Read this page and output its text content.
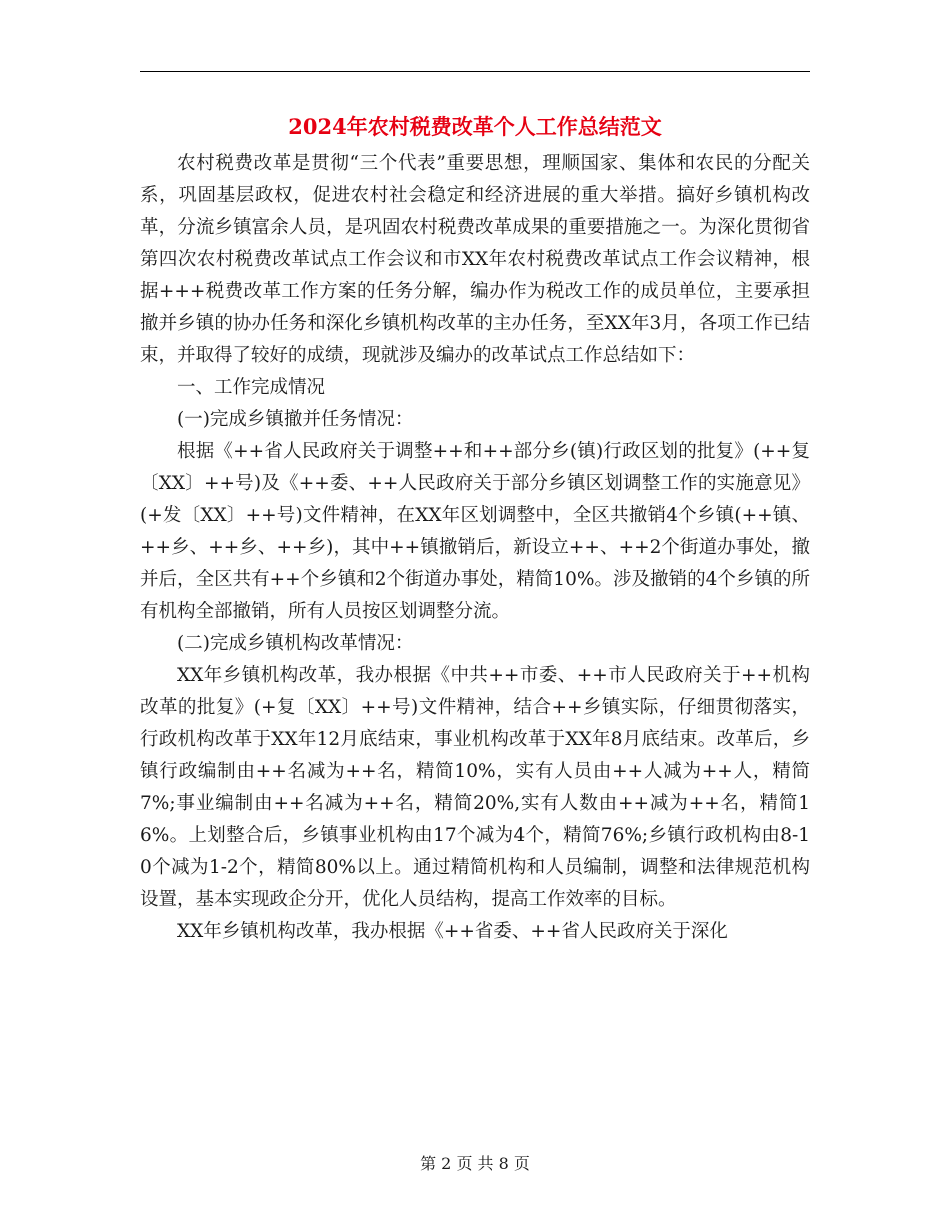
2024年农村税费改革个人工作总结范文

农村税费改革是贯彻“三个代表”重要思想，理顺国家、集体和农民的分配关系，巩固基层政权，促进农村社会稳定和经济进展的重大举措。搞好乡镇机构改革，分流乡镇富余人员，是巩固农村税费改革成果的重要措施之一。为深化贯彻省第四次农村税费改革试点工作会议和市XX年农村税费改革试点工作会议精神，根据+++税费改革工作方案的任务分解，编办作为税改工作的成员单位，主要承担撤并乡镇的协办任务和深化乡镇机构改革的主办任务，至XX年3月，各项工作已结束，并取得了较好的成绩，现就涉及编办的改革试点工作总结如下：

一、工作完成情况

(一)完成乡镇撤并任务情况：

根据《++省人民政府关于调整++和++部分乡(镇)行政区划的批复》(++复〔XX〕++号)及《++委、++人民政府关于部分乡镇区划调整工作的实施意见》(+发〔XX〕++号)文件精神，在XX年区划调整中，全区共撤销4个乡镇(++镇、++乡、++乡、++乡)，其中++镇撤销后，新设立++、++2个街道办事处，撤并后，全区共有++个乡镇和2个街道办事处，精简10%。涉及撤销的4个乡镇的所有机构全部撤销，所有人员按区划调整分流。

(二)完成乡镇机构改革情况：

XX年乡镇机构改革，我办根据《中共++市委、++市人民政府关于++机构改革的批复》(+复〔XX〕++号)文件精神，结合++乡镇实际，仔细贯彻落实，行政机构改革于XX年12月底结束，事业机构改革于XX年8月底结束。改革后，乡镇行政编制由++名减为++名，精简10%，实有人员由++人减为++人，精简7%;事业编制由++名减为++名，精简20%,实有人数由++减为++名，精简16%。上划整合后，乡镇事业机构由17个减为4个，精简76%;乡镇行政机构由8-10个减为1-2个，精简80%以上。通过精简机构和人员编制，调整和法律规范机构设置，基本实现政企分开，优化人员结构，提高工作效率的目标。

XX年乡镇机构改革，我办根据《++省委、++省人民政府关于深化

第 2 页 共 8 页
